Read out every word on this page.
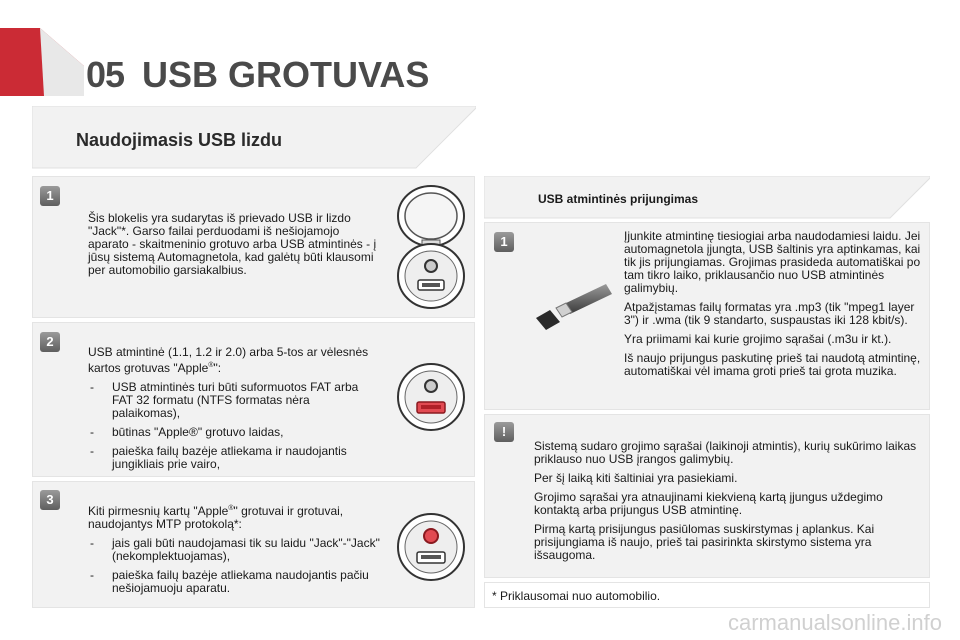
05 USB GROTUVAS
Naudojimasis USB lizdu
1
Šis blokelis yra sudarytas iš prievado USB ir lizdo "Jack"*. Garso failai perduodami iš nešiojamojo aparato - skaitmeninio grotuvo arba USB atmintinės - į jūsų sistemą Automagnetola, kad galėtų būti klausomi per automobilio garsiakalbius.
2
USB atmintinė (1.1, 1.2 ir 2.0) arba 5-tos ar vėlesnės kartos grotuvas "Apple®":
- USB atmintinės turi būti suformuotos FAT arba FAT 32 formatu (NTFS formatas nėra palaikomas),
- būtinas "Apple®" grotuvo laidas,
- paieška failų bazėje atliekama ir naudojantis jungikliais prie vairo,
3
Kiti pirmesnių kartų "Apple®" grotuvai ir grotuvai, naudojantys MTP protokolą*:
- jais gali būti naudojamasi tik su laidu "Jack"-"Jack" (nekomplektuojamas),
- paieška failų bazėje atliekama naudojantis pačiu nešiojamuoju aparatu.
USB atmintinės prijungimas
1	Įjunkite atmintinę tiesiogiai arba naudodamiesi laidu. Jei automagnetola įjungta, USB šaltinis yra aptinkamas, kai tik jis prijungiamas. Grojimas prasideda automatiškai po tam tikro laiko, priklausančio nuo USB atmintinės galimybių.

Atpažįstamas failų formatas yra .mp3 (tik "mpeg1 layer 3") ir .wma (tik 9 standarto, suspaustas iki 128 kbit/s).

Yra priimami kai kurie grojimo sąrašai (.m3u ir kt.).

Iš naujo prijungus paskutinę prieš tai naudotą atmintinę, automatiškai vėl imama groti prieš tai grota muzika.

!

Sistemą sudaro grojimo sąrašai (laikinoji atmintis), kurių sukūrimo laikas priklauso nuo USB įrangos galimybių.

Per šį laiką kiti šaltiniai yra pasiekiami.

Grojimo sąrašai yra atnaujinami kiekvieną kartą įjungus uždegimo kontaktą arba prijungus USB atmintinę.

Pirmą kartą prisijungus pasiūlomas suskirstymas į aplankus. Kai prisijungiama iš naujo, prieš tai pasirinkta skirstymo sistema yra išsaugoma.

* Priklausomai nuo automobilio.
carmanualsonline.info
